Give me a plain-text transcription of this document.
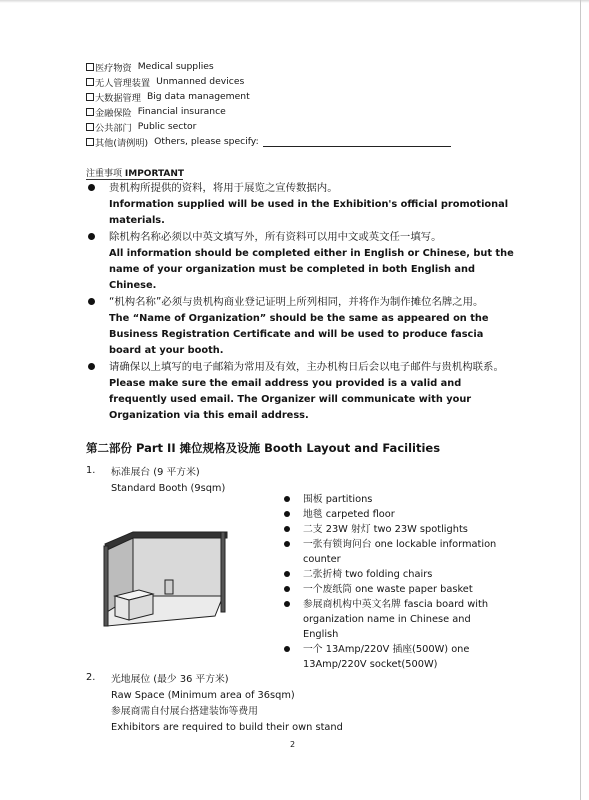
医疗物资 Medical supplies
无人管理装置 Unmanned devices
大数据管理 Big data management
金融保险 Financial insurance
公共部门 Public sector
其他(请例明) Others, please specify:
注重事项 IMPORTANT
贵机构所提供的资料，将用于展览之宣传数据内。
Information supplied will be used in the Exhibition's official promotional materials.
除机构名称必须以中英文填写外，所有资料可以用中文或英文任一填写。
All information should be completed either in English or Chinese, but the name of your organization must be completed in both English and Chinese.
“机构名称”必须与贵机构商业登记证明上所列相同，并将作为制作摊位名牌之用。
The “Name of Organization” should be the same as appeared on the Business Registration Certificate and will be used to produce fascia board at your booth.
请确保以上填写的电子邮箱为常用及有效，主办机构日后会以电子邮件与贵机构联系。
Please make sure the email address you provided is a valid and frequently used email. The Organizer will communicate with your Organization via this email address.
第二部份 Part II 摊位规格及设施 Booth Layout and Facilities
1. 标准展台 (9 平方米)
Standard Booth (9sqm)
围板 partitions
地毯 carpeted floor
二支 23W 射灯 two 23W spotlights
一张有锁询问台 one lockable information counter
二张折椅 two folding chairs
一个废纸筒 one waste paper basket
参展商机构中英文名牌 fascia board with organization name in Chinese and English
一个 13Amp/220V 插座(500W) one 13Amp/220V socket(500W)
2. 光地展位 (最少 36 平方米)
Raw Space (Minimum area of 36sqm)
参展商需自付展台搭建装饰等费用
Exhibitors are required to build their own stand
2
